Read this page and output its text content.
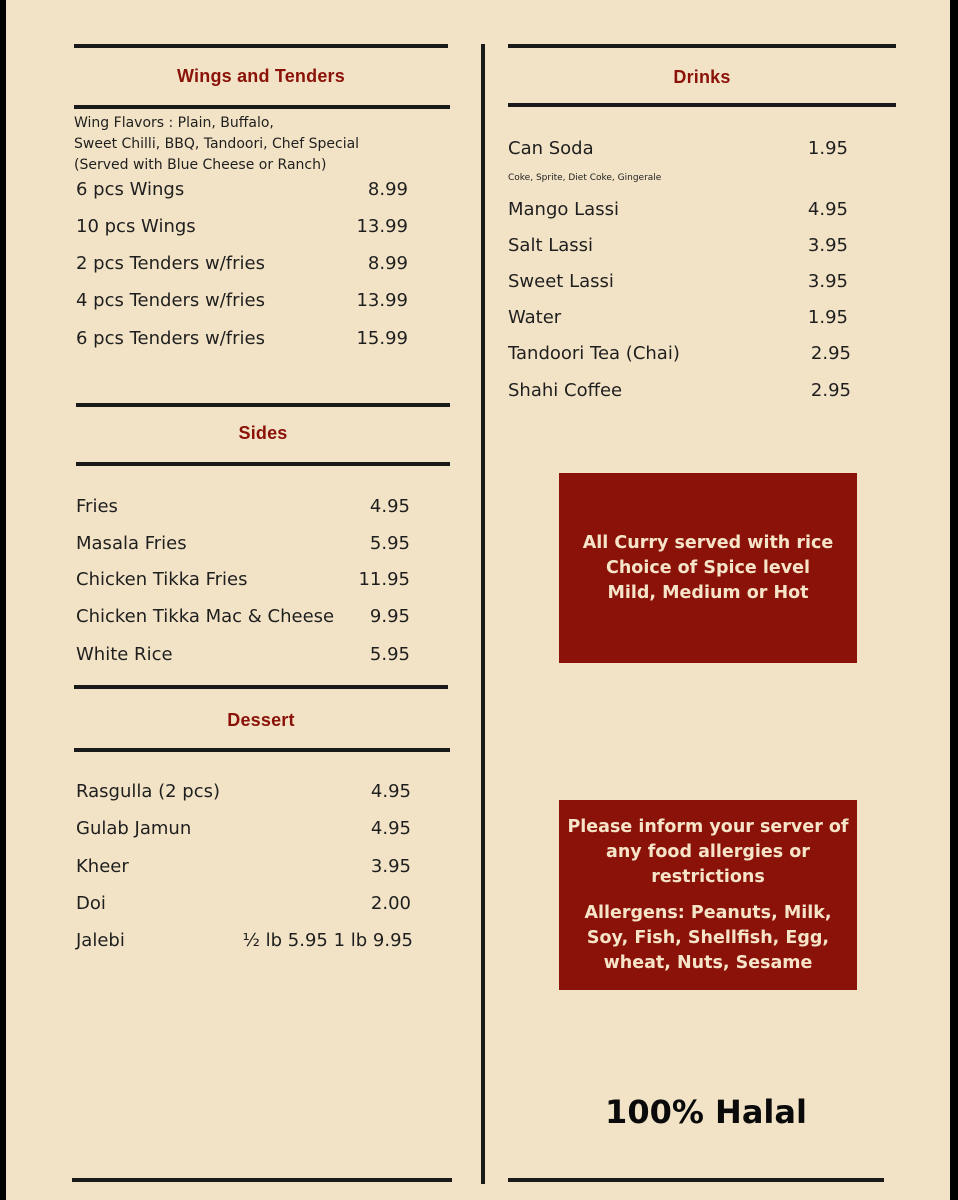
Wings and Tenders
Wing Flavors : Plain, Buffalo,
Sweet Chilli, BBQ, Tandoori, Chef Special
(Served with Blue Cheese or Ranch)
6 pcs Wings	8.99
10 pcs Wings	13.99
2 pcs Tenders w/fries	8.99
4 pcs Tenders w/fries	13.99
6 pcs Tenders w/fries	15.99
Sides
Fries	4.95
Masala Fries	5.95
Chicken Tikka Fries	11.95
Chicken Tikka Mac & Cheese	9.95
White Rice	5.95
Dessert
Rasgulla (2 pcs)	4.95
Gulab Jamun	4.95
Kheer	3.95
Doi	2.00
Jalebi	½ lb 5.95 1 lb 9.95
Drinks
Can Soda	1.95
Coke, Sprite, Diet Coke, Gingerale
Mango Lassi	4.95
Salt Lassi	3.95
Sweet Lassi	3.95
Water	1.95
Tandoori Tea (Chai)	2.95
Shahi Coffee	2.95

All Curry served with rice

Choice of Spice level

Mild, Medium or Hot

Please inform your server of

any food allergies or

restrictions

Allergens: Peanuts, Milk,

Soy, Fish, Shellfish, Egg,

wheat, Nuts, Sesame

100% Halal
